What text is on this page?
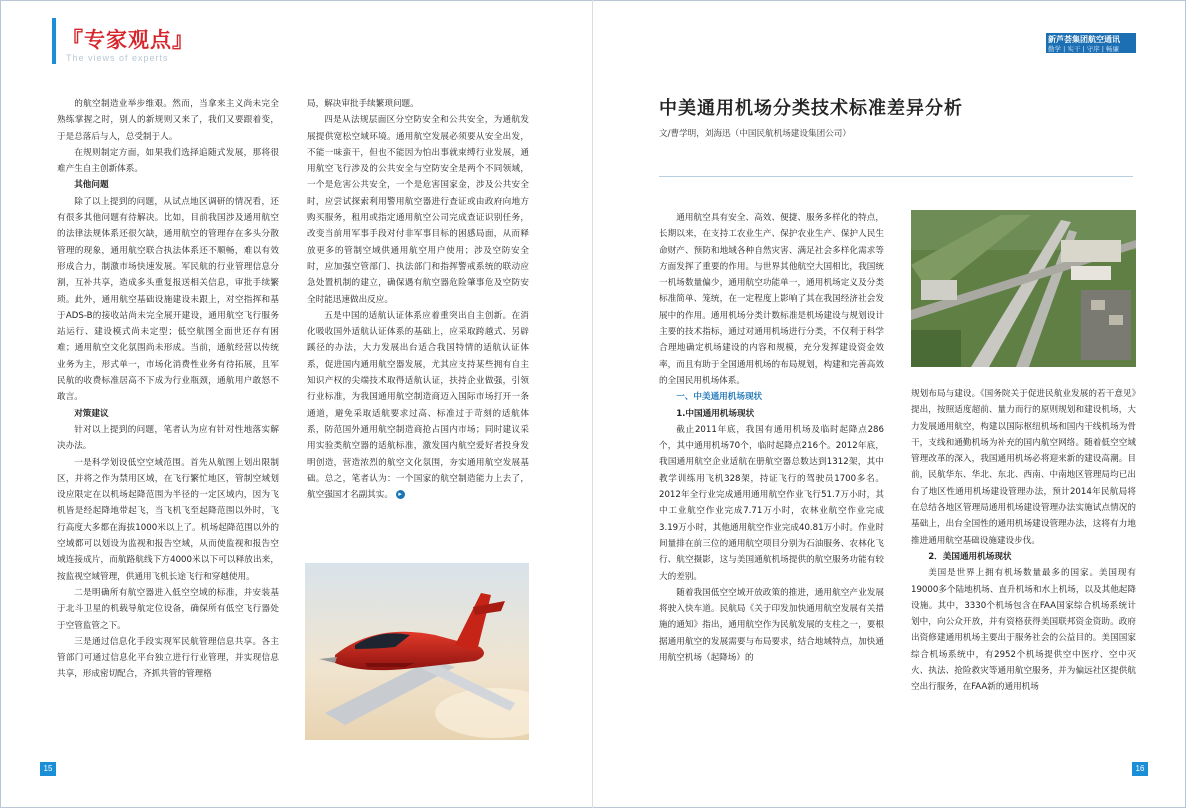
『专家观点』
The views of experts
新芦荟集团航空通讯
勤学 | 实干 | 守序 | 畅廉

的航空制造业举步维艰。然而，当拿来主义尚未完全熟练掌握之时，别人的新规则又来了，我们又要跟着变，于是总落后与人，总受制于人。

在规则制定方面，如果我们选择追随式发展，那将很难产生自主创新体系。

其他问题

除了以上提到的问题，从试点地区调研的情况看，还有很多其他问题有待解决。比如，目前我国涉及通用航空的法律法规体系还很欠缺，通用航空的管理存在多头分散管理的现象，通用航空联合执法体系还不顺畅，难以有效形成合力，制激市场快速发展。军民航的行业管理信息分割，互补共享，造成多头重复报送相关信息，审批手续繁琐。此外，通用航空基础设施建设未跟上，对空指挥和基于ADS-B的接收站尚未完全展开建设，通用航空飞行服务站运行、建设模式尚未定型；低空航图全面世还存有困难；通用航空文化氛围尚未形成。当前，通航经营以传统业务为主，形式单一，市场化消费性业务有待拓展，且军民航的收费标准居高不下成为行业瓶颈，通航用户敢怒不敢言。

对策建议

针对以上提到的问题，笔者认为应有针对性地落实解决办法。

一是科学划设低空空域范围。首先从航图上划出限制区，并将之作为禁用区域，在飞行繁忙地区，管制空域划设应限定在以机场起降范围为半径的一定区域内，因为飞机皆是经起降地带起飞，当飞机飞至起降范围以外时，飞行高度大多都在海拔1000米以上了。机场起降范围以外的空域都可以划设为监视和报告空域，从而使监视和报告空域连接成片，而航路航线下方4000米以下可以释放出来，按监视空域管理，供通用飞机长途飞行和穿越使用。

二是明确所有航空器进入低空空域的标准，并安装基于北斗卫星的机载导航定位设备，确保所有低空飞行器处于空管监管之下。

三是通过信息化手段实现军民航管理信息共享。各主管部门可通过信息化平台独立进行行业管理，并实现信息共享，形成密切配合，齐抓共管的管理格

局，解决审批手续繁琐问题。

四是从法规层面区分空防安全和公共安全，为通航发展提供宽松空域环境。通用航空发展必须要从安全出发，不能一味蛮干，但也不能因为怕出事就束缚行业发展，通用航空飞行涉及的公共安全与空防安全是两个不同领域，一个是危害公共安全，一个是危害国家金，涉及公共安全时，应尝试探索利用警用航空器进行查证或由政府向地方购买服务，租用或指定通用航空公司完成查证识别任务，改变当前用军事手段对付非军事目标的困感局面，从而释放更多的管制空域供通用航空用户使用；涉及空防安全时，应加强空管部门、执法部门和指挥警戒系统的联动应急处置机制的建立，确保遇有航空器危险肇事危及空防安全时能迅速做出反应。

五是中国的适航认证体系应着重突出自主创新。在消化吸收国外适航认证体系的基础上，应采取跨越式、另辟蹊径的办法，大力发展出台适合我国特情的适航认证体系，促进国内通用航空器发展，尤其应支持某些拥有自主知识产权的尖端技术取得适航认证，扶持企业做强，引领行业标准，为我国通用航空制造商迈入国际市场打开一条通道，避免采取适航要求过高、标准过于苛刻的适航体系，防范国外通用航空制造商抢占国内市场；同时建议采用实验类航空器的适航标准，激发国内航空爱好者投身发明创造，营造浓烈的航空文化氛围，夯实通用航空发展基础。总之，笔者认为：一个国家的航空制造能力上去了，航空强国才名副其实。 ▸

中美通用机场分类技术标准差异分析
文/曹学明，刘海迅（中国民航机场建设集团公司）

通用航空具有安全、高效、便捷、服务多样化的特点，长期以来，在支持工农业生产、保护农业生产、保护人民生命财产、预防和地域各种自然灾害、满足社会多样化需求等方面发挥了重要的作用。与世界其他航空大国相比，我国统一机场数量偏少，通用航空功能单一，通用机场定义及分类标准简单、笼统，在一定程度上影响了其在我国经济社会发展中的作用。通用机场分类计数标准是机场建设与规划设计主要的技术指标，通过对通用机场进行分类，不仅利于科学合理地确定机场建设的内容和规模，充分发挥建设资金效率，而且有助于全国通用机场的布局规划，构建和完善高效的全国民用机场体系。

一、中美通用机场现状

1.中国通用机场现状

截止2011年底，我国有通用机场及临时起降点286个，其中通用机场70个，临时起降点216个。2012年底，我国通用航空企业适航在册航空器总数达到1312架，其中教学训练用飞机328架，持证飞行的驾驶员1700多名。2012年全行业完成通用通用航空作业飞行51.7万小时，其中工业航空作业完成7.71万小时，农林业航空作业完成3.19万小时，其他通用航空作业完成40.81万小时。作业时间量排在前三位的通用航空项目分别为石油服务、农林化飞行、航空摄影，这与美国通航机场提供的航空服务功能有较大的差别。

随着我国低空空域开放政策的推进，通用航空产业发展将驶入快车道。民航局《关于印发加快通用航空发展有关措施的通知》指出，通用航空作为民航发展的支柱之一，要根据通用航空的发展需要与布局要求，结合地域特点，加快通用航空机场（起降场）的

规划布局与建设。《国务院关于促进民航业发展的若干意见》提出，按照适度超前、量力而行的原则规划和建设机场，大力发展通用航空，构建以国际枢纽机场和国内干线机场为骨干，支线和通勤机场为补充的国内航空网络。随着低空空域管理改革的深入，我国通用机场必将迎来新的建设高潮。目前，民航华东、华北、东北、西南、中南地区管理局均已出台了地区性通用机场建设管理办法，预计2014年民航局将在总结各地区管理局通用机场建设管理办法实施试点情况的基础上，出台全国性的通用机场建设管理办法，这将有力地推进通用航空基础设施建设步伐。

2．美国通用机场现状

美国是世界上拥有机场数量最多的国家。美国现有19000多个陆地机场、直升机场和水上机场，以及其他起降设施。其中，3330个机场包含在FAA国家综合机场系统计划中，向公众开放，并有资格获得美国联邦资金资助。政府出资修建通用机场主要出于服务社会的公益目的。美国国家综合机场系统中，有2952个机场提供空中医疗、空中灭火、执法、抢险救灾等通用航空服务，并为偏远社区提供航空出行服务，在FAA新的通用机场

15	16
